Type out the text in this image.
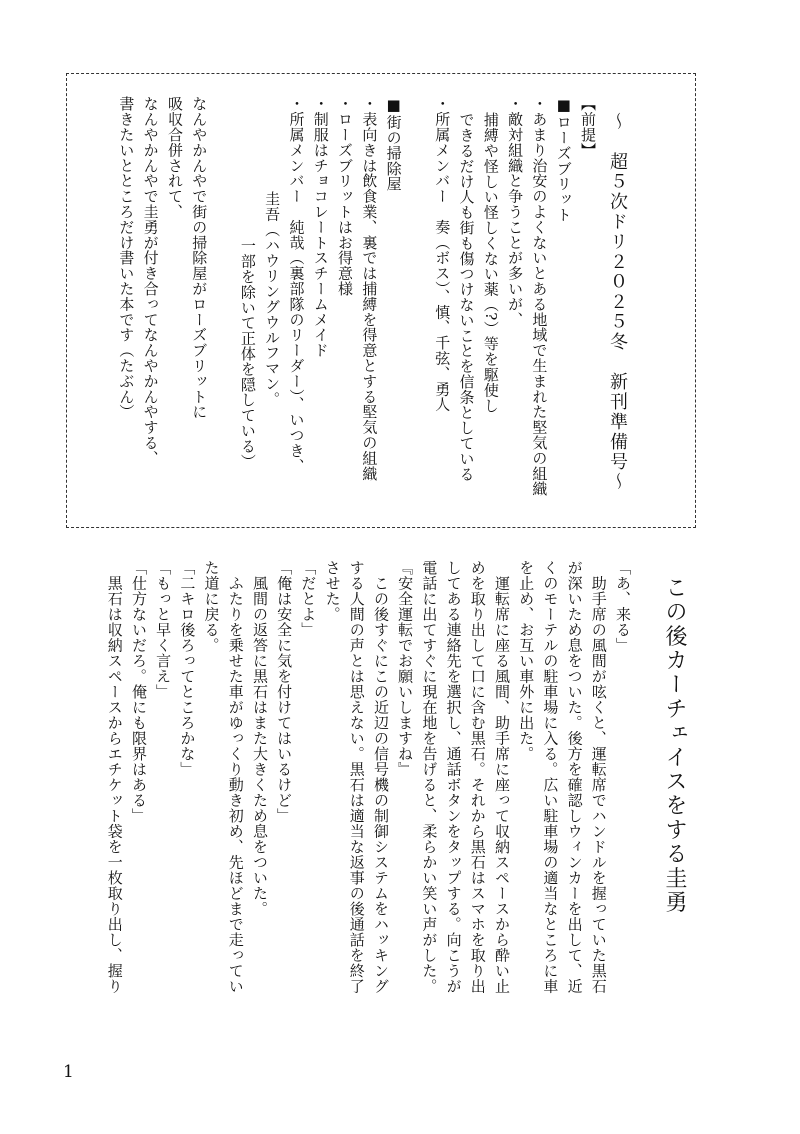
～　超５次ドリ２０２５冬　新刊準備号
～
【前提】
■ローズブリット
・あまり治安のよくないとある地域で生まれた堅気の組織
・敵対組織と争うことが多いが、
捕縛や怪しい怪しくない薬（?）等を駆使し
できるだけ人も街も傷つけないことを信条としている
・所属メンバー　奏（ボス）、慎、千弦、勇人

■街の掃除屋
・表向きは飲食業、裏では捕縛を得意とする堅気の組織
・ローズブリットはお得意様
・制服はチョコレートスチームメイド
・所属メンバー　純哉（裏部隊のリーダー）、いつき、
圭吾（ハウリングウルフマン。
一部を除いて正体を隠している）

なんやかんやで街の掃除屋がローズブリットに
吸収合併されて、
なんやかんやで圭勇が付き合ってなんやかんやする、
書きたいとところだけ書いた本です（たぶん）
この後カーチェイスをする圭勇
「あ、来る」
　助手席の風間が呟くと、運転席でハンドルを握っていた黒石
が深いため息をついた。後方を確認しウィンカーを出して、近
くのモーテルの駐車場に入る。広い駐車場の適当なところに車
を止め、お互い車外に出た。
　運転席に座る風間、助手席に座って収納スペースから酔い止
めを取り出して口に含む黒石。それから黒石はスマホを取り出
してある連絡先を選択し、通話ボタンをタップする。向こうが
電話に出てすぐに現在地を告げると、柔らかい笑い声がした。
『安全運転でお願いしますね』
　この後すぐにこの近辺の信号機の制御システムをハッキング
する人間の声とは思えない。黒石は適当な返事の後通話を終了
させた。
「だとよ」
「俺は安全に気を付けてはいるけど」
　風間の返答に黒石はまた大きくため息をついた。
　ふたりを乗せた車がゆっくり動き初め、先ほどまで走ってい
た道に戻る。
「二キロ後ろってところかな」
「もっと早く言え」
「仕方ないだろ。俺にも限界はある」
　黒石は収納スペースからエチケット袋を一枚取り出し、握り
1
